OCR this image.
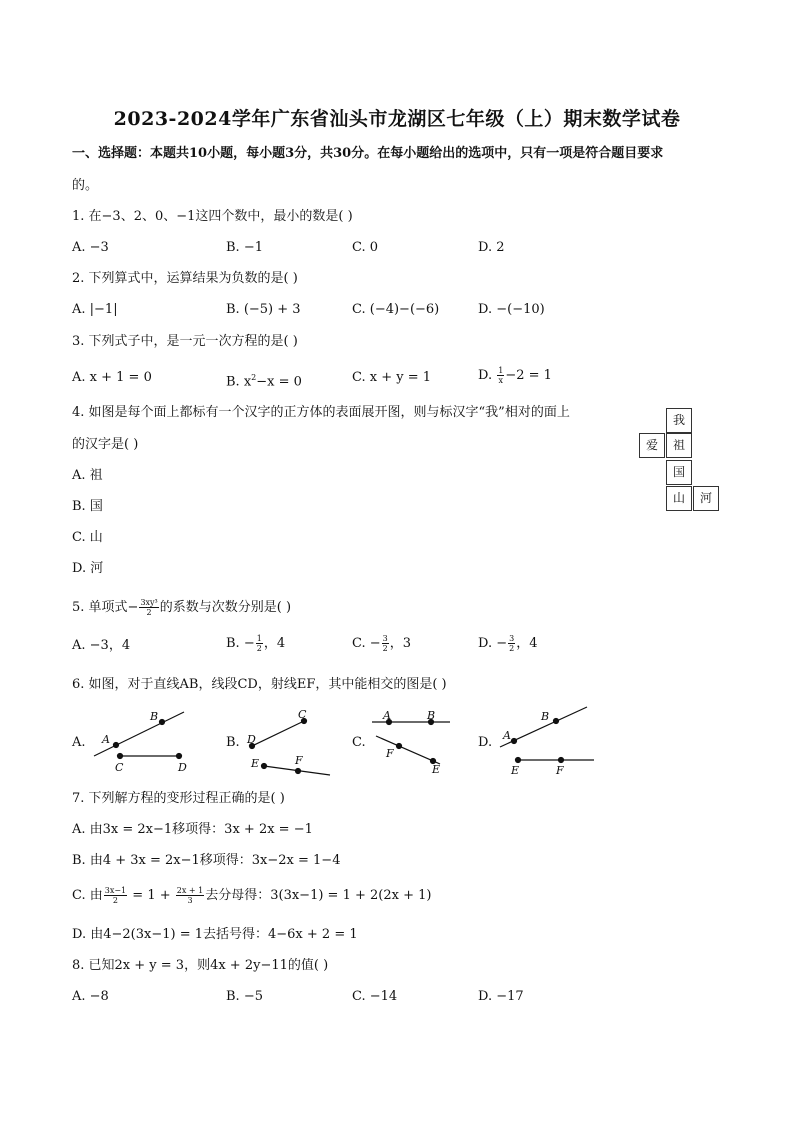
2023-2024学年广东省汕头市龙湖区七年级（上）期末数学试卷
一、选择题：本题共10小题，每小题3分，共30分。在每小题给出的选项中，只有一项是符合题目要求
的。
1. 在−3、2、0、−1这四个数中，最小的数是( )
A. −3	B. −1	C. 0	D. 2
2. 下列算式中，运算结果为负数的是( )
A. |−1|	B. (−5) + 3	C. (−4)−(−6)	D. −(−10)
3. 下列式子中，是一元一次方程的是( )
A. x + 1 = 0	B. $x^2-x = 0$	C. x + y = 1	D. $\frac{1}{x} -2 = 1$
4. 如图是每个面上都标有一个汉字的正方体的表面展开图，则与标汉字“我”相对的面上
的汉字是( )
A. 祖
B. 国
C. 山
D. 河
我
爱	祖
国
山	河
5. 单项式− $\frac{\text{3xy³}}{2}$ 的系数与次数分别是( )
A. −3，4	B. − $\frac{1}{2}$ ，4	C. − $\frac{3}{2}$ ，3	D. − $\frac{3}{2}$ ，4
6. 如图，对于直线AB，线段CD，射线EF，其中能相交的图是( )
A.	B.	C.	D.
B
A
C	D
C
D
E	F
A	B
F
E
B
A
E	F
7. 下列解方程的变形过程正确的是( )
A. 由3x = 2x−1移项得：3x + 2x = −1
B. 由4 + 3x = 2x−1移项得：3x−2x = 1−4
C. 由 $\frac{3x-1}{2} = 1 + \frac{2x + 1}{3}$ 去分母得：3(3x−1) = 1 + 2(2x + 1)
D. 由4−2(3x−1) = 1去括号得：4−6x + 2 = 1
8. 已知2x + y = 3，则4x + 2y−11的值( )
A. −8	B. −5	C. −14	D. −17
